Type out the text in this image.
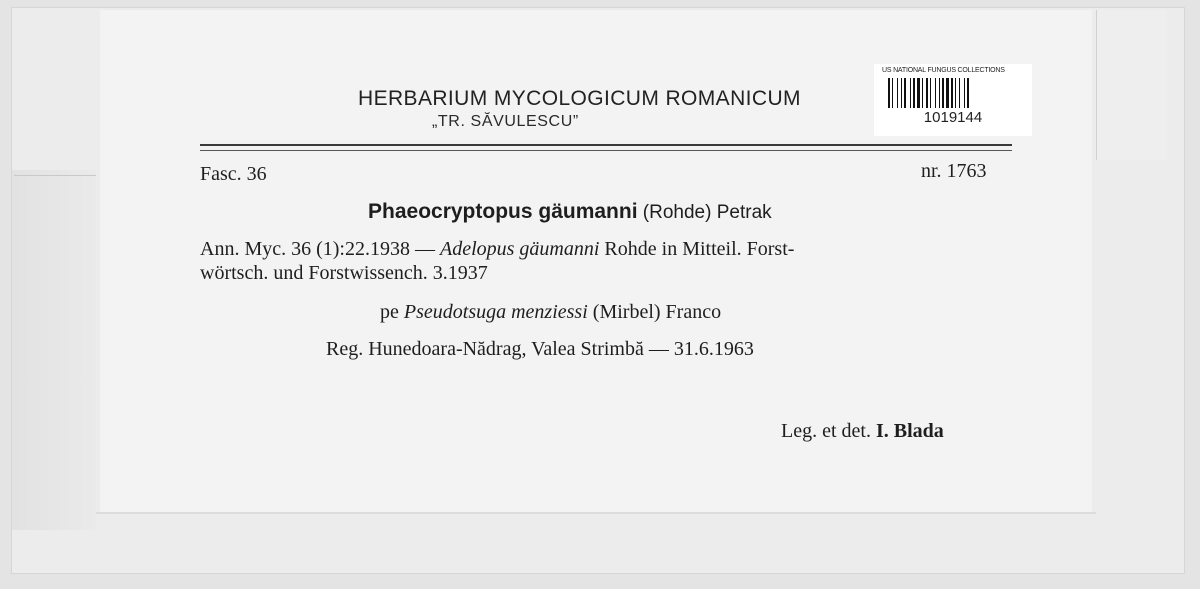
HERBARIUM MYCOLOGICUM ROMANICUM
„TR. SĂVULESCU”
US NATIONAL FUNGUS COLLECTIONS
1019144
Fasc. 36	nr. 1763
Phaeocryptopus gäumanni (Rohde) Petrak
Ann. Myc. 36 (1):22.1938 — Adelopus gäumanni Rohde in Mitteil. Forst-
wörtsch. und Forstwissench. 3.1937
pe Pseudotsuga menziessi (Mirbel) Franco
Reg. Hunedoara-Nădrag, Valea Strimbă — 31.6.1963
Leg. et det. I. Blada
